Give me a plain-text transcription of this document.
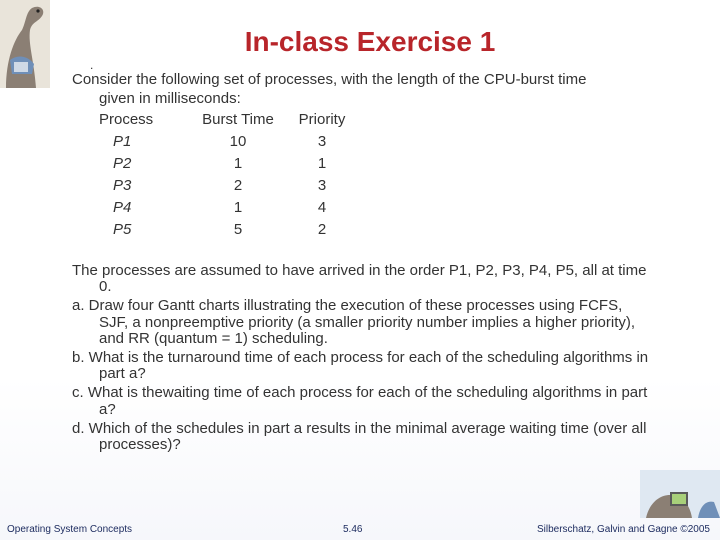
In-class Exercise 1
.
Consider the following set of processes, with the length of the CPU-burst time
given in milliseconds:
Process	Burst Time	Priority
P1	10	3
P2	1	1
P3	2	3
P4	1	4
P5	5	2

The processes are assumed to have arrived in the order P1, P2, P3, P4, P5, all at time 0.

a. Draw four Gantt charts illustrating the execution of these processes using FCFS, SJF, a nonpreemptive priority (a smaller priority number implies a higher priority), and RR (quantum = 1) scheduling.

b. What is the turnaround time of each process for each of the scheduling algorithms in part a?

c. What is thewaiting time of each process for each of the scheduling algorithms in part a?

d. Which of the schedules in part a results in the minimal average waiting time (over all processes)?

Operating System Concepts	5.46	Silberschatz, Galvin and Gagne ©2005
